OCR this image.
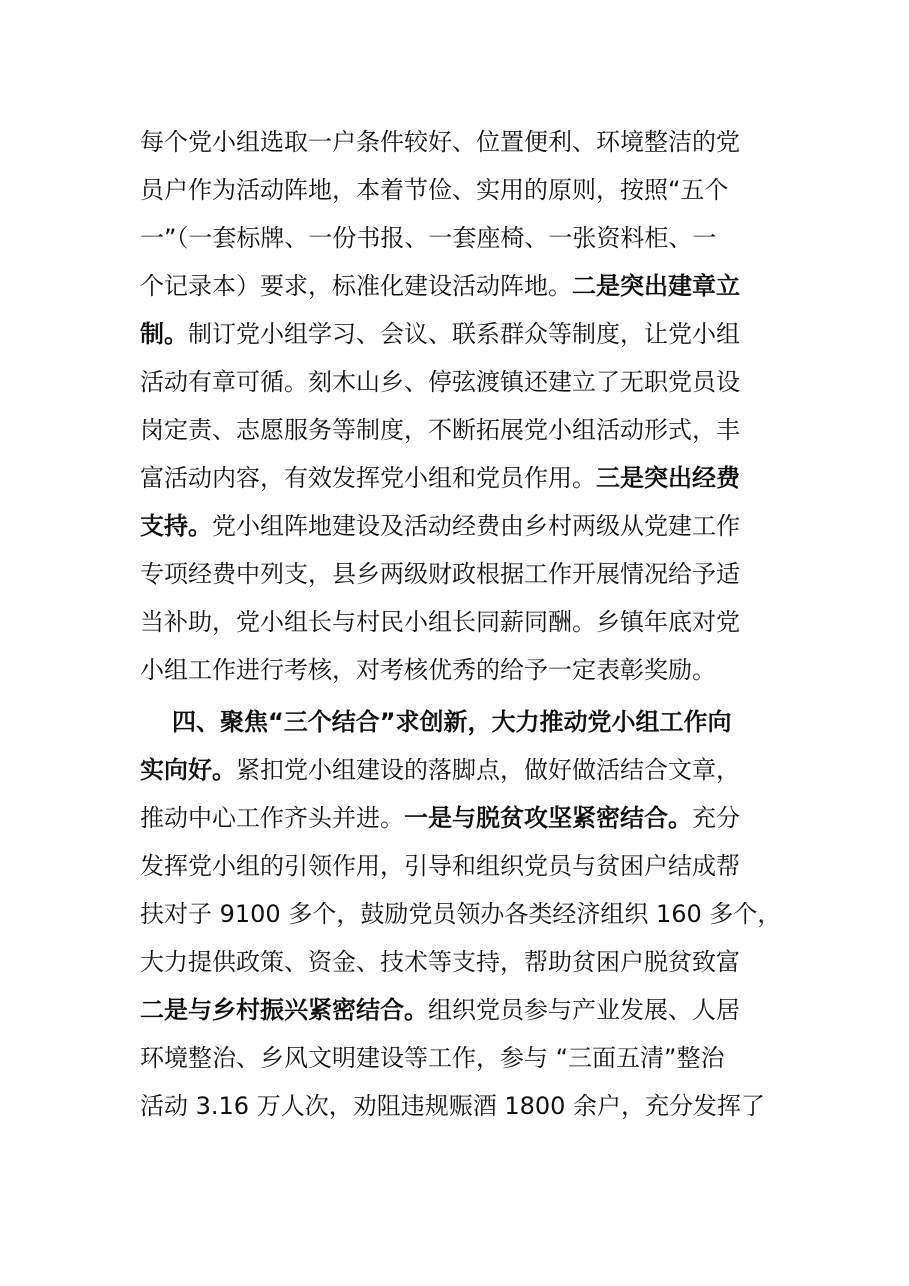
每个党小组选取一户条件较好、位置便利、环境整洁的党
员户作为活动阵地，本着节俭、实用的原则，按照“五个
一”（一套标牌、一份书报、一套座椅、一张资料柜、一
个记录本）要求，标准化建设活动阵地。二是突出建章立
制。制订党小组学习、会议、联系群众等制度，让党小组
活动有章可循。刻木山乡、停弦渡镇还建立了无职党员设
岗定责、志愿服务等制度，不断拓展党小组活动形式，丰
富活动内容，有效发挥党小组和党员作用。三是突出经费
支持。党小组阵地建设及活动经费由乡村两级从党建工作
专项经费中列支，县乡两级财政根据工作开展情况给予适
当补助，党小组长与村民小组长同薪同酬。乡镇年底对党
小组工作进行考核，对考核优秀的给予一定表彰奖励。
四、聚焦“三个结合”求创新，大力推动党小组工作向
实向好。紧扣党小组建设的落脚点，做好做活结合文章，
推动中心工作齐头并进。一是与脱贫攻坚紧密结合。充分
发挥党小组的引领作用，引导和组织党员与贫困户结成帮
扶对子 9100 多个，鼓励党员领办各类经济组织 160 多个，
大力提供政策、资金、技术等支持，帮助贫困户脱贫致富
二是与乡村振兴紧密结合。组织党员参与产业发展、人居
环境整治、乡风文明建设等工作，参与 “三面五清”整治
活动 3.16 万人次，劝阻违规赈酒 1800 余户，充分发挥了
